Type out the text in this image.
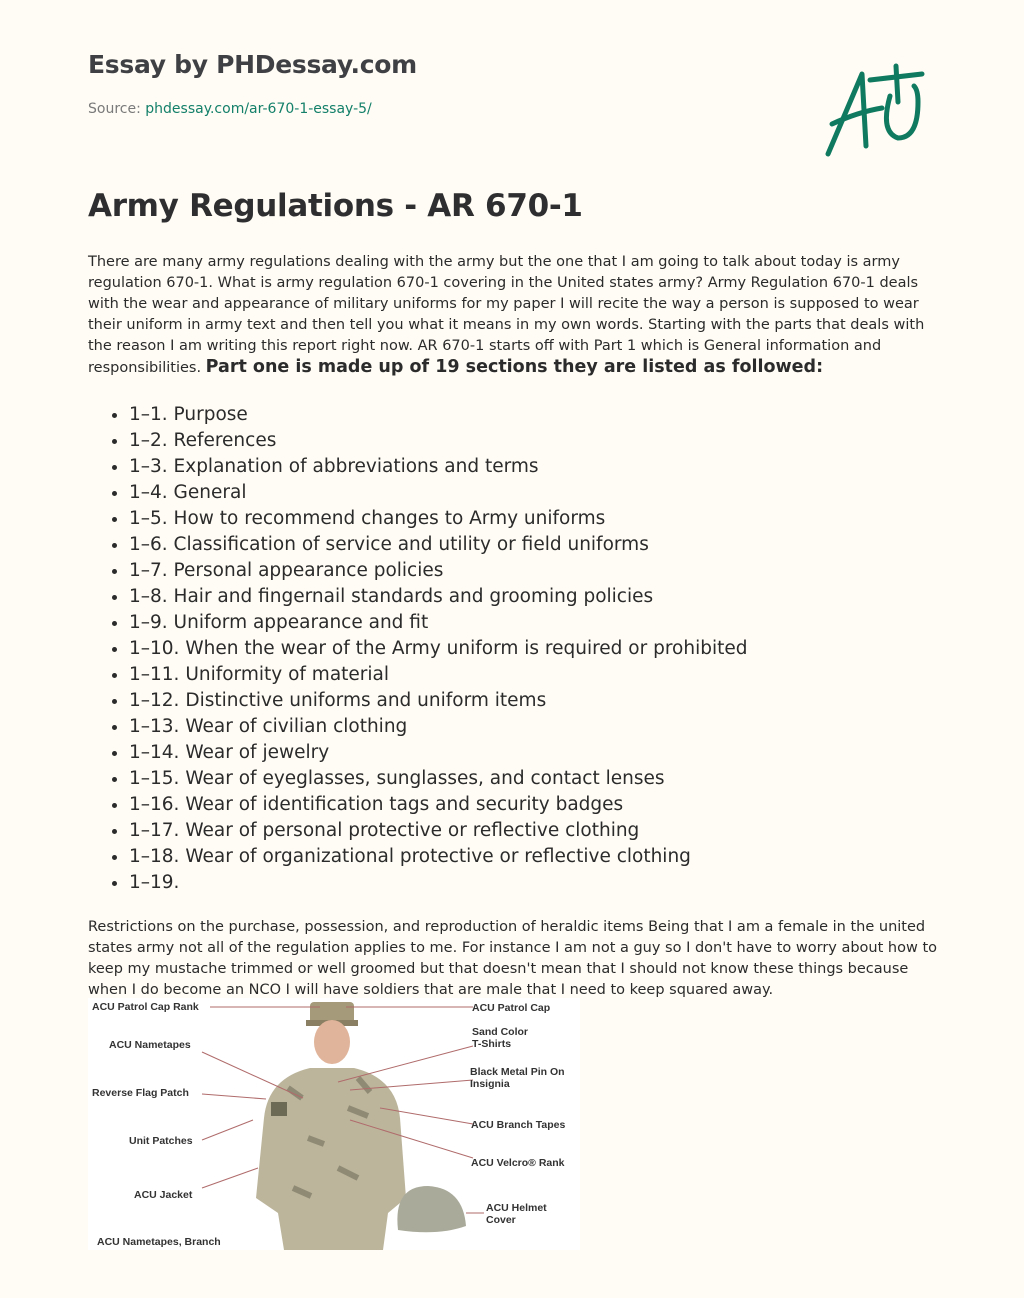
Essay by PHDessay.com
Source: phdessay.com/ar-670-1-essay-5/
Army Regulations - AR 670-1
There are many army regulations dealing with the army but the one that I am going to talk about today is army regulation 670-1. What is army regulation 670-1 covering in the United states army? Army Regulation 670-1 deals with the wear and appearance of military uniforms for my paper I will recite the way a person is supposed to wear their uniform in army text and then tell you what it means in my own words. Starting with the parts that deals with the reason I am writing this report right now. AR 670-1 starts off with Part 1 which is General information and responsibilities. Part one is made up of 19 sections they are listed as followed:
• 1–1. Purpose
• 1–2. References
• 1–3. Explanation of abbreviations and terms
• 1–4. General
• 1–5. How to recommend changes to Army uniforms
• 1–6. Classification of service and utility or field uniforms
• 1–7. Personal appearance policies
• 1–8. Hair and fingernail standards and grooming policies
• 1–9. Uniform appearance and fit
• 1–10. When the wear of the Army uniform is required or prohibited
• 1–11. Uniformity of material
• 1–12. Distinctive uniforms and uniform items
• 1–13. Wear of civilian clothing
• 1–14. Wear of jewelry
• 1–15. Wear of eyeglasses, sunglasses, and contact lenses
• 1–16. Wear of identification tags and security badges
• 1–17. Wear of personal protective or reflective clothing
• 1–18. Wear of organizational protective or reflective clothing
• 1–19.
Restrictions on the purchase, possession, and reproduction of heraldic items Being that I am a female in the united states army not all of the regulation applies to me. For instance I am not a guy so I don't have to worry about how to keep my mustache trimmed or well groomed but that doesn't mean that I should not know these things because when I do become an NCO I will have soldiers that are male that I need to keep squared away.
ACU Patrol Cap Rank
ACU Nametapes
Reverse Flag Patch
Unit Patches
ACU Jacket
ACU Nametapes, Branch
ACU Patrol Cap
Sand Color
T-Shirts
Black Metal Pin On
Insignia
ACU Branch Tapes
ACU Velcro® Rank
ACU Helmet
Cover
